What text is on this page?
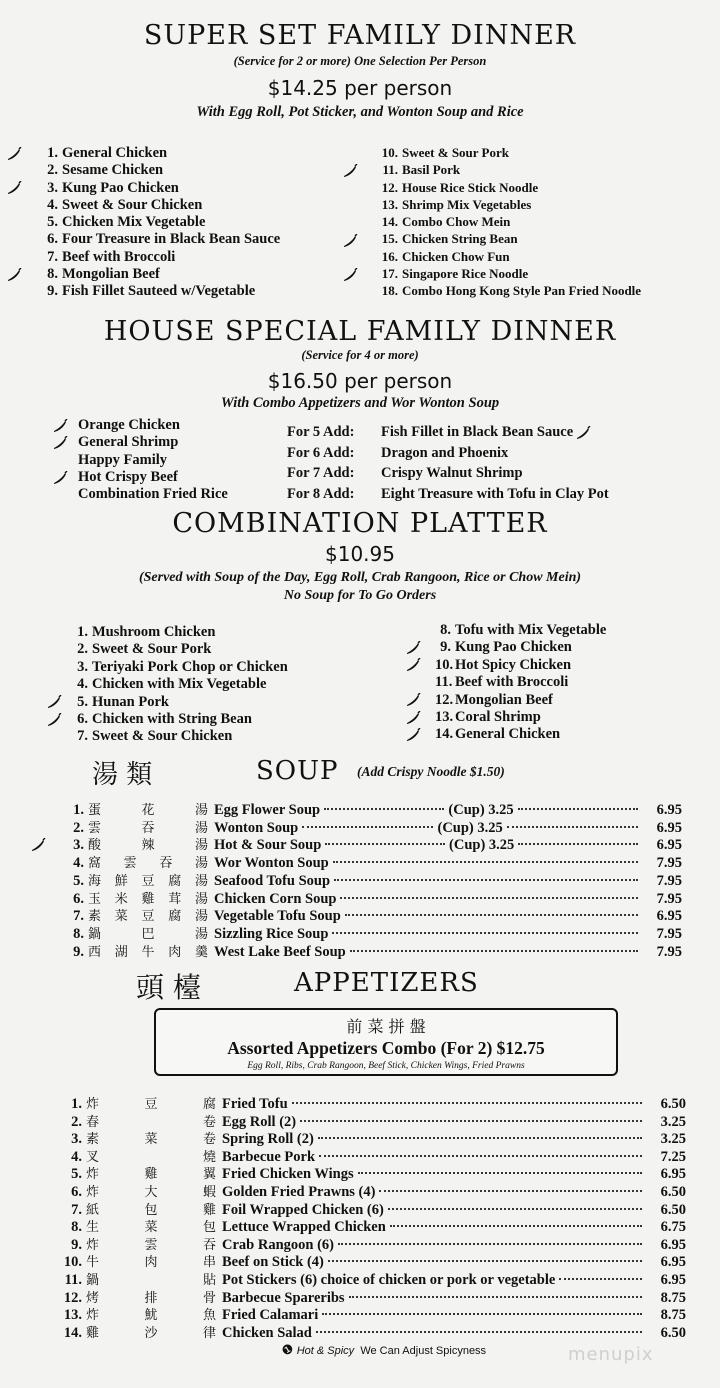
SUPER SET FAMILY DINNER
(Service for 2 or more) One Selection Per Person
$14.25 per person
With Egg Roll, Pot Sticker, and Wonton Soup and Rice
1. General Chicken
2. Sesame Chicken
3. Kung Pao Chicken
4. Sweet & Sour Chicken
5. Chicken Mix Vegetable
6. Four Treasure in Black Bean Sauce
7. Beef with Broccoli
8. Mongolian Beef
9. Fish Fillet Sauteed w/Vegetable
10. Sweet & Sour Pork
11. Basil Pork
12. House Rice Stick Noodle
13. Shrimp Mix Vegetables
14. Combo Chow Mein
15. Chicken String Bean
16. Chicken Chow Fun
17. Singapore Rice Noodle
18. Combo Hong Kong Style Pan Fried Noodle
HOUSE SPECIAL FAMILY DINNER
(Service for 4 or more)
$16.50 per person
With Combo Appetizers and Wor Wonton Soup
Orange Chicken
General Shrimp
Happy Family
Hot Crispy Beef
Combination Fried Rice
For 5 Add: Fish Fillet in Black Bean Sauce
For 6 Add: Dragon and Phoenix
For 7 Add: Crispy Walnut Shrimp
For 8 Add: Eight Treasure with Tofu in Clay Pot
COMBINATION PLATTER
$10.95
(Served with Soup of the Day, Egg Roll, Crab Rangoon, Rice or Chow Mein)
No Soup for To Go Orders
1. Mushroom Chicken
2. Sweet & Sour Pork
3. Teriyaki Pork Chop or Chicken
4. Chicken with Mix Vegetable
5. Hunan Pork
6. Chicken with String Bean
7. Sweet & Sour Chicken
8. Tofu with Mix Vegetable
9. Kung Pao Chicken
10. Hot Spicy Chicken
11. Beef with Broccoli
12. Mongolian Beef
13. Coral Shrimp
14. General Chicken
湯 類	SOUP (Add Crispy Noodle $1.50)
1. 蛋	花	湯 Egg Flower Soup	(Cup) 3.25	6.95
2. 雲	吞	湯 Wonton Soup	(Cup) 3.25	6.95
3. 酸	辣	湯 Hot & Sour Soup	(Cup) 3.25	6.95
4. 窩 雲 吞 湯 Wor Wonton Soup	7.95
5. 海 鮮 豆 腐 湯 Seafood Tofu Soup	7.95
6. 玉 米 雞 茸 湯 Chicken Corn Soup	7.95
7. 素 菜 豆 腐 湯 Vegetable Tofu Soup	6.95
8. 鍋	巴	湯 Sizzling Rice Soup	7.95
9. 西 湖 牛 肉 羹 West Lake Beef Soup	7.95
頭 檯	APPETIZERS
前 菜 拼 盤
Assorted Appetizers Combo (For 2) $12.75
Egg Roll, Ribs, Crab Rangoon, Beef Stick, Chicken Wings, Fried Prawns
1. 炸	豆	腐 Fried Tofu	6.50
2. 春	卷 Egg Roll (2)	3.25
3. 素	菜	卷 Spring Roll (2)	3.25
4. 叉	燒 Barbecue Pork	7.25
5. 炸	雞	翼 Fried Chicken Wings	6.95
6. 炸	大	蝦 Golden Fried Prawns (4)	6.50
7. 紙	包	雞 Foil Wrapped Chicken (6)	6.50
8. 生	菜	包 Lettuce Wrapped Chicken	6.75
9. 炸	雲	吞 Crab Rangoon (6)	6.95
10. 牛	肉	串 Beef on Stick (4)	6.95
11. 鍋	貼 Pot Stickers (6) choice of chicken or pork or vegetable	6.95
12. 烤	排	骨 Barbecue Spareribs	8.75
13. 炸	魷	魚 Fried Calamari	8.75
14. 雞	沙	律 Chicken Salad	6.50
❶ Hot & Spicy We Can Adjust Spicyness	menupix
